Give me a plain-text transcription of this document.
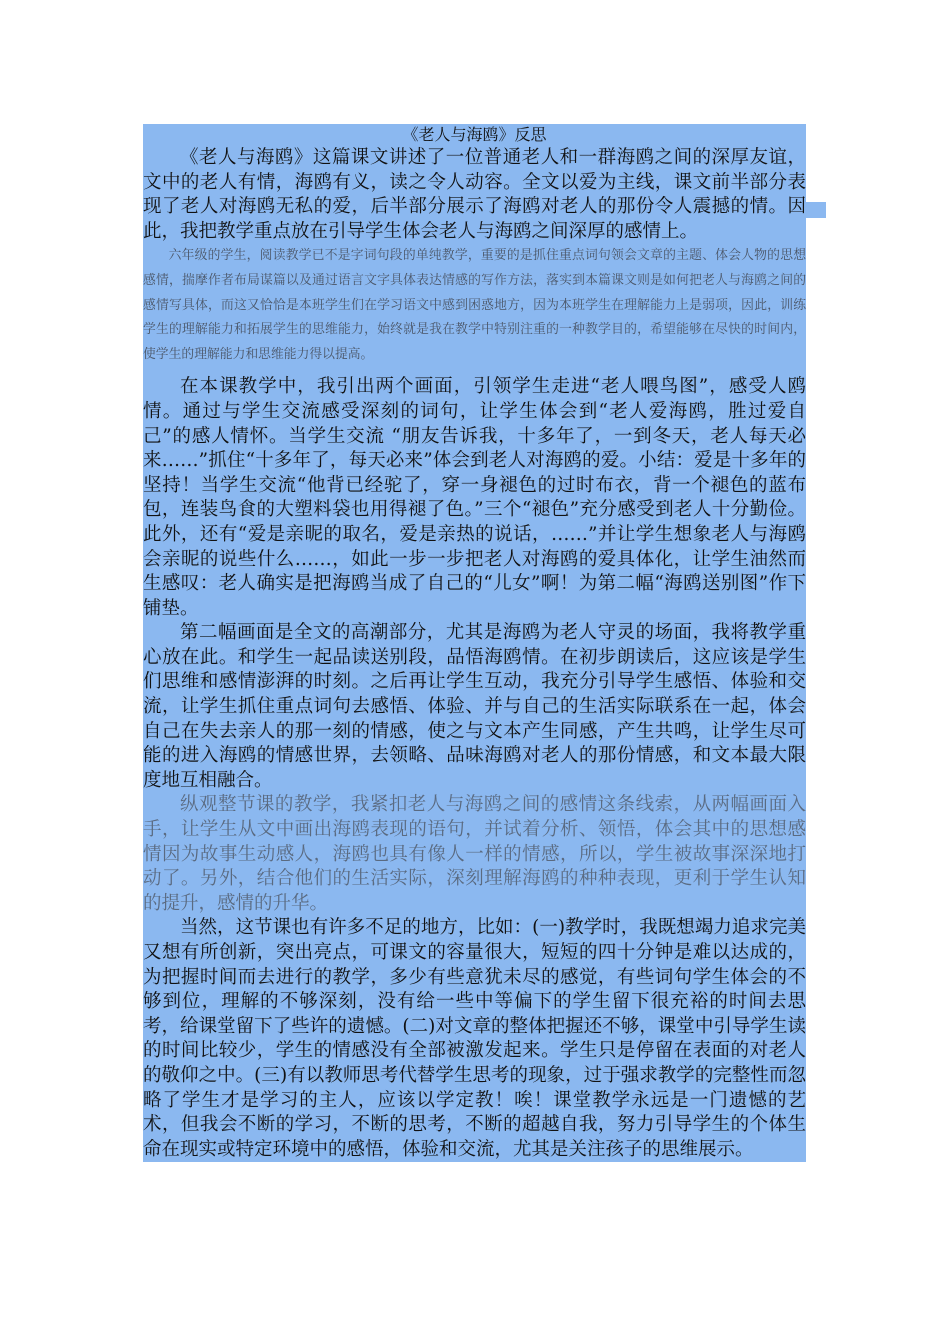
《老人与海鸥》反思

《老人与海鸥》这篇课文讲述了一位普通老人和一群海鸥之间的深厚友谊，文中的老人有情，海鸥有义，读之令人动容。全文以爱为主线，课文前半部分表现了老人对海鸥无私的爱，后半部分展示了海鸥对老人的那份令人震撼的情。因此，我把教学重点放在引导学生体会老人与海鸥之间深厚的感情上。

六年级的学生，阅读教学已不是字词句段的单纯教学，重要的是抓住重点词句领会文章的主题、体会人物的思想感情，揣摩作者布局谋篇以及通过语言文字具体表达情感的写作方法，落实到本篇课文则是如何把老人与海鸥之间的感情写具体，而这又恰恰是本班学生们在学习语文中感到困惑地方，因为本班学生在理解能力上是弱项，因此，训练学生的理解能力和拓展学生的思维能力，始终就是我在教学中特别注重的一种教学目的，希望能够在尽快的时间内，使学生的理解能力和思维能力得以提高。

在本课教学中，我引出两个画面，引领学生走进“老人喂鸟图”，感受人鸥情。通过与学生交流感受深刻的词句，让学生体会到“老人爱海鸥，胜过爱自己”的感人情怀。当学生交流 “朋友告诉我，十多年了，一到冬天，老人每天必来……”抓住“十多年了，每天必来”体会到老人对海鸥的爱。小结：爱是十多年的坚持！当学生交流“他背已经驼了，穿一身褪色的过时布衣，背一个褪色的蓝布包，连装鸟食的大塑料袋也用得褪了色。”三个“褪色”充分感受到老人十分勤俭。此外，还有“爱是亲昵的取名，爱是亲热的说话，……”并让学生想象老人与海鸥会亲昵的说些什么……，如此一步一步把老人对海鸥的爱具体化，让学生油然而生感叹：老人确实是把海鸥当成了自己的“儿女”啊！为第二幅“海鸥送别图”作下铺垫。

第二幅画面是全文的高潮部分，尤其是海鸥为老人守灵的场面，我将教学重心放在此。和学生一起品读送别段，品悟海鸥情。在初步朗读后，这应该是学生们思维和感情澎湃的时刻。之后再让学生互动，我充分引导学生感悟、体验和交流，让学生抓住重点词句去感悟、体验、并与自己的生活实际联系在一起，体会自己在失去亲人的那一刻的情感，使之与文本产生同感，产生共鸣，让学生尽可能的进入海鸥的情感世界，去领略、品味海鸥对老人的那份情感，和文本最大限度地互相融合。

纵观整节课的教学，我紧扣老人与海鸥之间的感情这条线索，从两幅画面入手，让学生从文中画出海鸥表现的语句，并试着分析、领悟，体会其中的思想感情因为故事生动感人，海鸥也具有像人一样的情感，所以，学生被故事深深地打动了。另外，结合他们的生活实际，深刻理解海鸥的种种表现，更利于学生认知的提升，感情的升华。

当然，这节课也有许多不足的地方，比如：(一)教学时，我既想竭力追求完美又想有所创新，突出亮点，可课文的容量很大，短短的四十分钟是难以达成的，为把握时间而去进行的教学，多少有些意犹未尽的感觉，有些词句学生体会的不够到位，理解的不够深刻，没有给一些中等偏下的学生留下很充裕的时间去思考，给课堂留下了些许的遗憾。(二)对文章的整体把握还不够，课堂中引导学生读的时间比较少，学生的情感没有全部被激发起来。学生只是停留在表面的对老人的敬仰之中。(三)有以教师思考代替学生思考的现象，过于强求教学的完整性而忽略了学生才是学习的主人，应该以学定教！唉！课堂教学永远是一门遗憾的艺术，但我会不断的学习，不断的思考，不断的超越自我，努力引导学生的个体生命在现实或特定环境中的感悟，体验和交流，尤其是关注孩子的思维展示。
